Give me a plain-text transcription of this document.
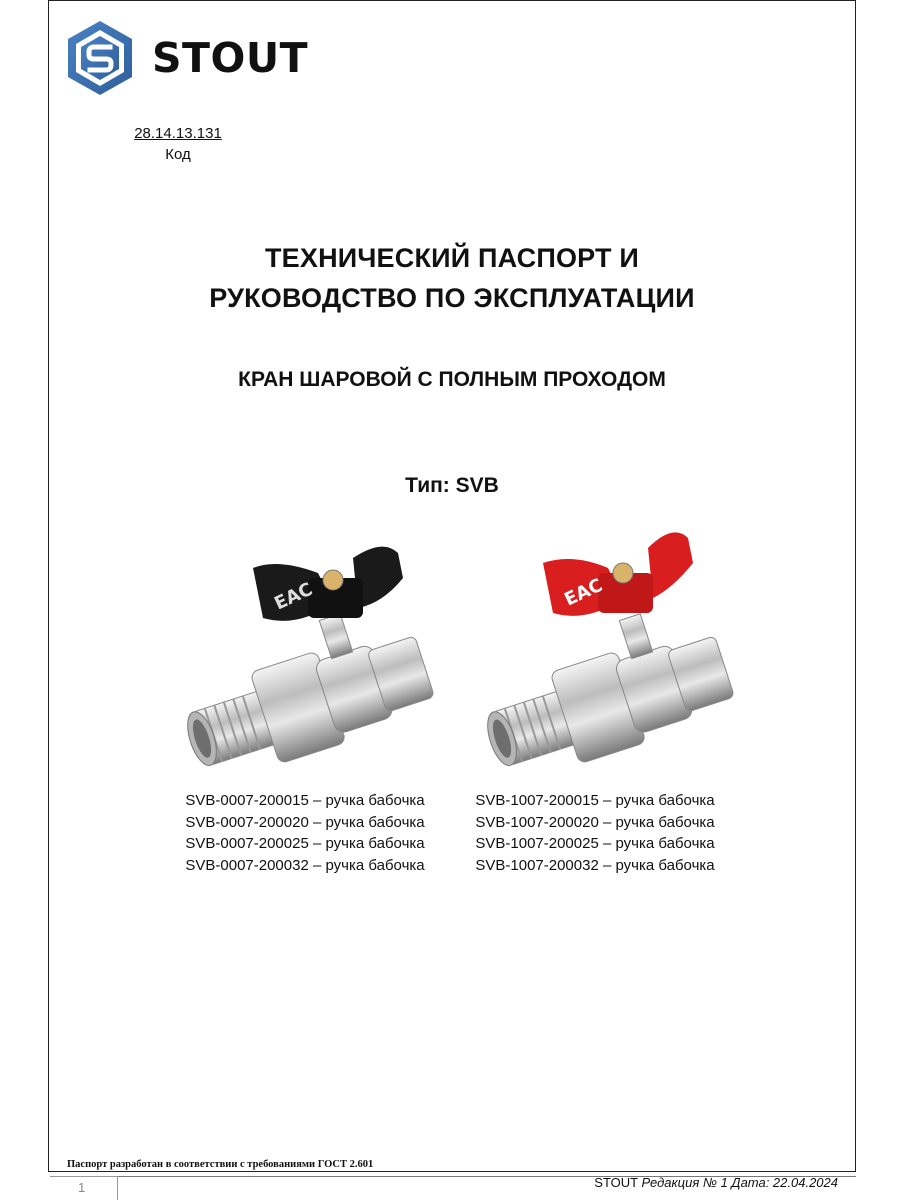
STOUT
28.14.13.131
Код
ТЕХНИЧЕСКИЙ ПАСПОРТ И
РУКОВОДСТВО ПО ЭКСПЛУАТАЦИИ
КРАН ШАРОВОЙ С ПОЛНЫМ ПРОХОДОМ
Тип: SVB
ЕАС	ЕАС
SVB-0007-200015 – ручка бабочка
SVB-0007-200020 – ручка бабочка
SVB-0007-200025 – ручка бабочка
SVB-0007-200032 – ручка бабочка
SVB-1007-200015 – ручка бабочка
SVB-1007-200020 – ручка бабочка
SVB-1007-200025 – ручка бабочка
SVB-1007-200032 – ручка бабочка
Паспорт разработан в соответствии с требованиями ГОСТ 2.601
1	STOUT Редакция № 1 Дата: 22.04.2024
